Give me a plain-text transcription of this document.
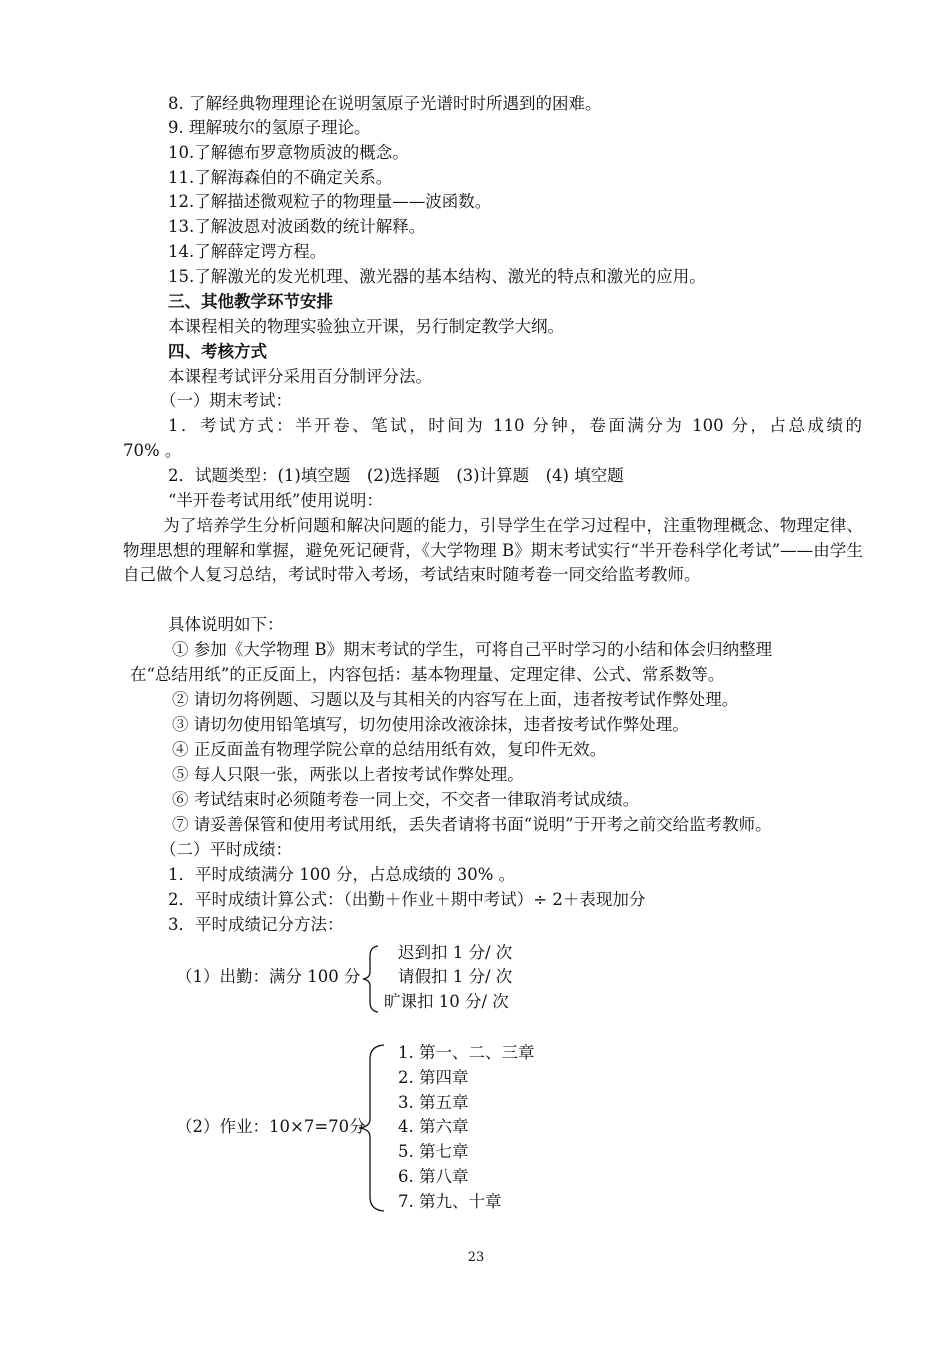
8. 了解经典物理理论在说明氢原子光谱时时所遇到的困难。
9. 理解玻尔的氢原子理论。
10.了解德布罗意物质波的概念。
11.了解海森伯的不确定关系。
12.了解描述微观粒子的物理量——波函数。
13.了解波恩对波函数的统计解释。
14.了解薛定谔方程。
15.了解激光的发光机理、激光器的基本结构、激光的特点和激光的应用。
三、其他教学环节安排
本课程相关的物理实验独立开课，另行制定教学大纲。
四、考核方式
本课程考试评分采用百分制评分法。
（一）期末考试：
1．考试方式：半开卷、笔试，时间为 110 分钟，卷面满分为 100 分，占总成绩的
70% 。
2．试题类型：(1)填空题　(2)选择题　(3)计算题　(4) 填空题
“半开卷考试用纸”使用说明：
为了培养学生分析问题和解决问题的能力，引导学生在学习过程中，注重物理概念、物理定律、物理思想的理解和掌握，避免死记硬背，《大学物理 B》期末考试实行“半开卷科学化考试”——由学生自己做个人复习总结，考试时带入考场，考试结束时随考卷一同交给监考教师。
具体说明如下：
① 参加《大学物理 B》期末考试的学生，可将自己平时学习的小结和体会归纳整理
在“总结用纸”的正反面上，内容包括：基本物理量、定理定律、公式、常系数等。
② 请切勿将例题、习题以及与其相关的内容写在上面，违者按考试作弊处理。
③ 请切勿使用铅笔填写，切勿使用涂改液涂抹，违者按考试作弊处理。
④ 正反面盖有物理学院公章的总结用纸有效，复印件无效。
⑤ 每人只限一张，两张以上者按考试作弊处理。
⑥ 考试结束时必须随考卷一同上交，不交者一律取消考试成绩。
⑦ 请妥善保管和使用考试用纸，丢失者请将书面“说明”于开考之前交给监考教师。
（二）平时成绩：
1．平时成绩满分 100 分，占总成绩的 30% 。
2．平时成绩计算公式：（出勤＋作业＋期中考试）÷ 2＋表现加分
3．平时成绩记分方法：
（1）出勤：满分 100 分
迟到扣 1 分/ 次
请假扣 1 分/ 次
旷课扣 10 分/ 次
（2）作业：10×7=70分
1. 第一、二、三章
2. 第四章
3. 第五章
4. 第六章
5. 第七章
6. 第八章
7. 第九、十章
23
